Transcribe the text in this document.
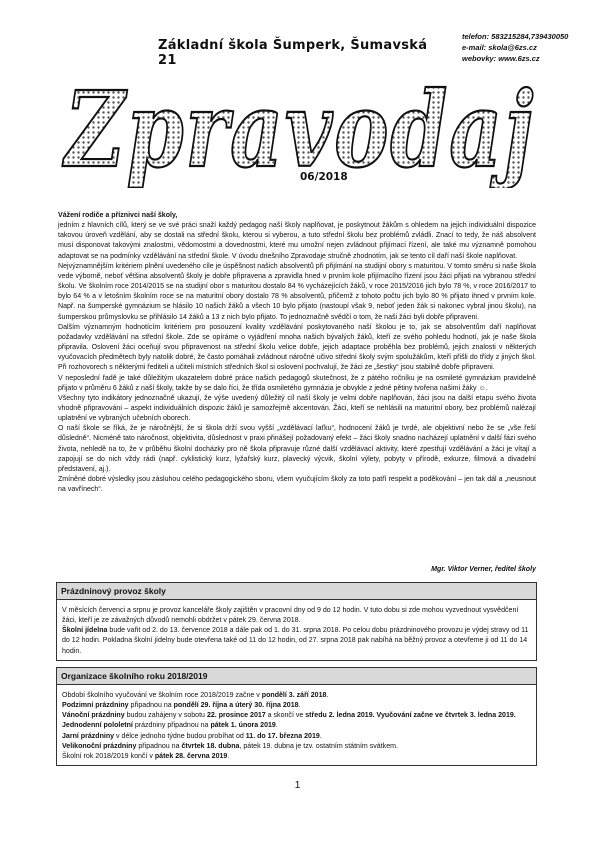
Základní škola Šumperk, Šumavská 21
telefon: 583215284,739430050
e-mail: skola@6zs.cz
webovky: www.6zs.cz
Zpravodaj
06/2018

Vážení rodiče a příznivci naší školy,

jedním z hlavních cílů, který se ve své práci snaží každý pedagog naší školy naplňovat, je poskytnout žákům s ohledem na jejich individuální dispozice takovou úroveň vzdělání, aby se dostali na střední školu, kterou si vyberou, a tuto střední školu bez problémů zvládli. Znací to tedy, že náš absolvent musí disponovat takovými znalostmi, vědomostmi a dovednostmi, které mu umožní nejen zvládnout přijímací řízení, ale také mu významně pomohou adaptovat se na podmínky vzdělávání na střední škole. V úvodu dnešního Zpravodaje stručně zhodnotím, jak se tento cíl daří naší škole naplňovat.

Nejvýznamnějším kritériem plnění uvedeného cíle je úspěšnost našich absolventů při přijímání na studijní obory s maturitou. V tomto směru si naše škola vede výborně, neboť většina absolventů školy je dobře připravena a zpravidla hned v prvním kole přijímacího řízení jsou žáci přijati na vybranou střední školu. Ve školním roce 2014/2015 se na studijní obor s maturitou dostalo 84 % vycházejících žáků, v roce 2015/2016 jich bylo 78 %, v roce 2016/2017 to bylo 64 % a v letošním školním roce se na maturitní obory dostalo 78 % absolventů, přičemž z tohoto počtu jich bylo 80 % přijato ihned v prvním kole. Např. na šumperské gymnázium se hlásilo 10 našich žáků a všech 10 bylo přijato (nastoupí však 9, neboť jeden žák si nakonec vybral jinou školu), na šumperskou průmyslovku se přihlásilo 14 žáků a 13 z nich bylo přijato. To jednoznačně svědčí o tom, že naši žáci byli dobře připraveni.

Dalším významným hodnotícím kritériem pro posouzení kvality vzdělávání poskytovaného naší školou je to, jak se absolventům daří naplňovat požadavky vzdělávání na střední škole. Zde se opíráme o vyjádření mnoha našich bývalých žáků, kteří ze svého pohledu hodnotí, jak je naše škola připravila. Oslovení žáci oceňují svou připravenost na střední školu velice dobře, jejich adaptace proběhla bez problémů, jejich znalosti v některých vyučovacích předmětech byly natolik dobré, že často pomáhali zvládnout náročné učivo střední školy svým spolužákům, kteří přišli do třídy z jiných škol. Při rozhovorech s některými řediteli a učiteli místních středních škol si oslovení pochvalují, že žáci ze „šestky“ jsou stabilně dobře připraveni.

V neposlední řadě je také důležitým ukazatelem dobré práce našich pedagogů skutečnost, že z pátého ročníku je na osmileté gymnázium pravidelně přijato v průměru 6 žáků z naší školy, takže by se dalo říci, že třída osmiletého gymnázia je obvykle z jedné pětiny tvořena našimi žáky ☺.

Všechny tyto indikátory jednoznačně ukazují, že výše uvedený důležitý cíl naší školy je velmi dobře naplňován, žáci jsou na další etapu svého života vhodně připravováni – aspekt individuálních dispozic žáků je samozřejmě akcentován. Žáci, kteří se nehlásili na maturitní obory, bez problémů nalézají uplatnění ve vybraných učebních oborech.

O naší škole se říká, že je náročnější, že si škola drží svou vyšší „vzdělávací laťku“, hodnocení žáků je tvrdé, ale objektivní nebo že se „vše řeší důsledně“. Nicméně tato náročnost, objektivita, důslednost v praxi přinášejí požadovaný efekt – žáci školy snadno nacházejí uplatnění v další fázi svého života, nehledě na to, že v průběhu školní docházky pro ně škola připravuje různé další vzdělávací aktivity, které zpestřují vzdělávání a žáci je vítají a zapojují se do nich vždy rádi (např. cyklistický kurz, lyžařský kurz, plavecký výcvik, školní výlety, pobyty v přírodě, exkurze, filmová a divadelní představení, aj.).

Zmíněné dobré výsledky jsou zásluhou celého pedagogického sboru, všem vyučujícím školy za toto patří respekt a poděkování – jen tak dál a „neusnout na vavřínech“.

Mgr. Viktor Verner, ředitel školy
Prázdninový provoz školy

V měsících červenci a srpnu je provoz kanceláře školy zajištěn v pracovní dny od 9 do 12 hodin. V tuto dobu si zde mohou vyzvednout vysvědčení žáci, kteří je ze závažných důvodů nemohli obdržet v pátek 29. června 2018.

Školní jídelna bude vařit od 2. do 13. července 2018 a dále pak od 1. do 31. srpna 2018. Po celou dobu prázdninového provozu je výdej stravy od 11 do 12 hodin. Pokladna školní jídelny bude otevřena také od 11 do 12 hodin, od 27. srpna 2018 pak nabíhá na běžný provoz a otevřeme ji od 11 do 14 hodin.

Organizace školního roku 2018/2019

Období školního vyučování ve školním roce 2018/2019 začne v pondělí 3. září 2018.

Podzimní prázdniny připadnou na pondělí 29. října a úterý 30. října 2018.

Vánoční prázdniny budou zahájeny v sobotu 22. prosince 2017 a skončí ve středu 2. ledna 2019. Vyučování začne ve čtvrtek 3. ledna 2019.

Jednodenní pololetní prázdniny připadnou na pátek 1. února 2019.

Jarní prázdniny v délce jednoho týdne budou probíhat od 11. do 17. března 2019.

Velikonoční prázdniny připadnou na čtvrtek 18. dubna, pátek 19. dubna je tzv. ostatním státním svátkem.

Školní rok 2018/2019 končí v pátek 28. června 2019.

1
